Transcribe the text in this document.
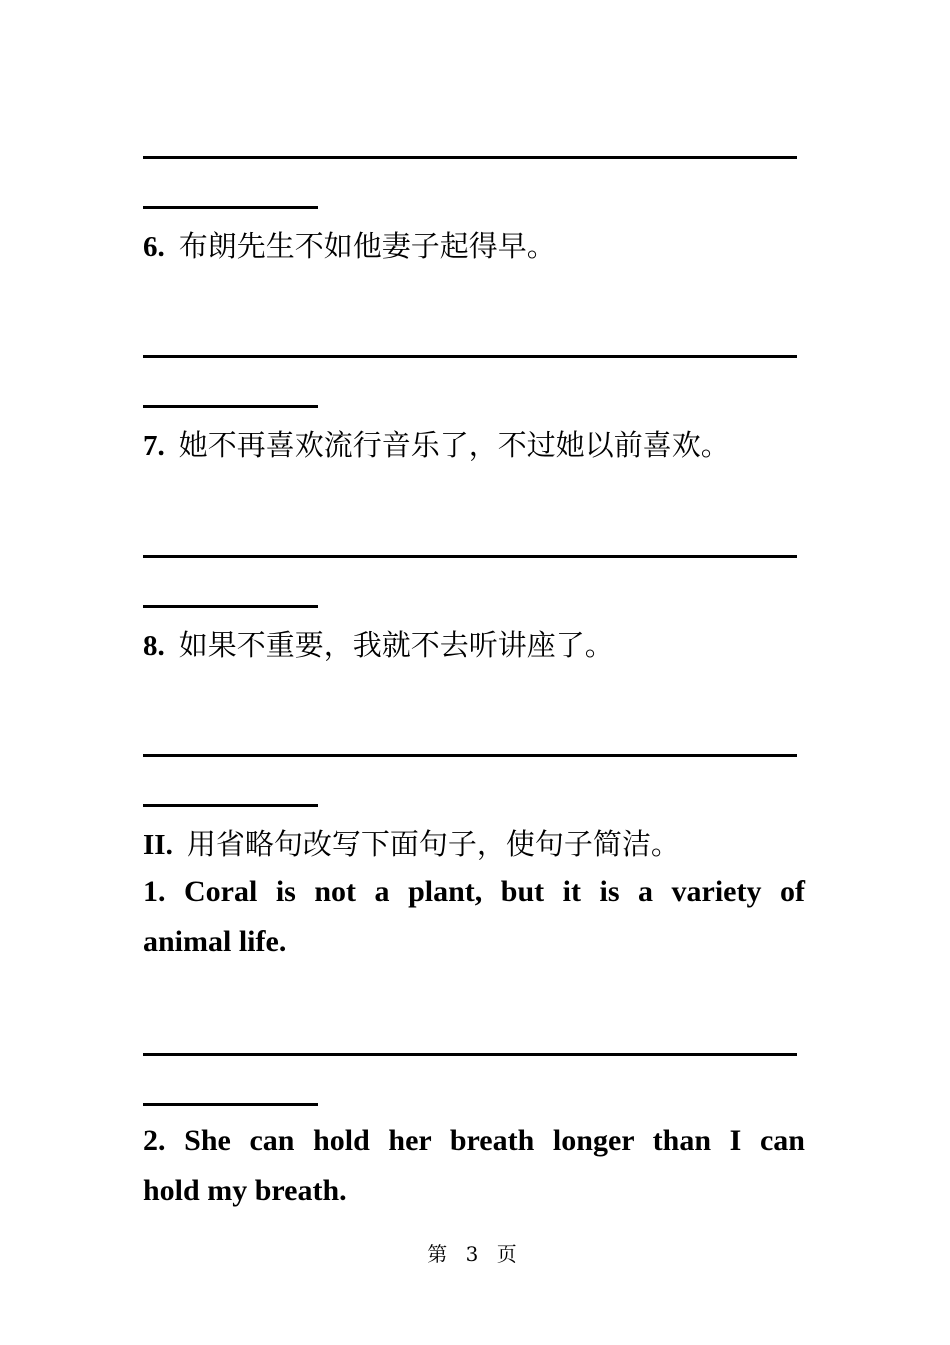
6. 布朗先生不如他妻子起得早。
7. 她不再喜欢流行音乐了，不过她以前喜欢。
8. 如果不重要，我就不去听讲座了。
II. 用省略句改写下面句子，使句子简洁。
1. Coral is not a plant, but it is a variety of
animal life.
2. She can hold her breath longer than I can
hold my breath.
第 3 页
